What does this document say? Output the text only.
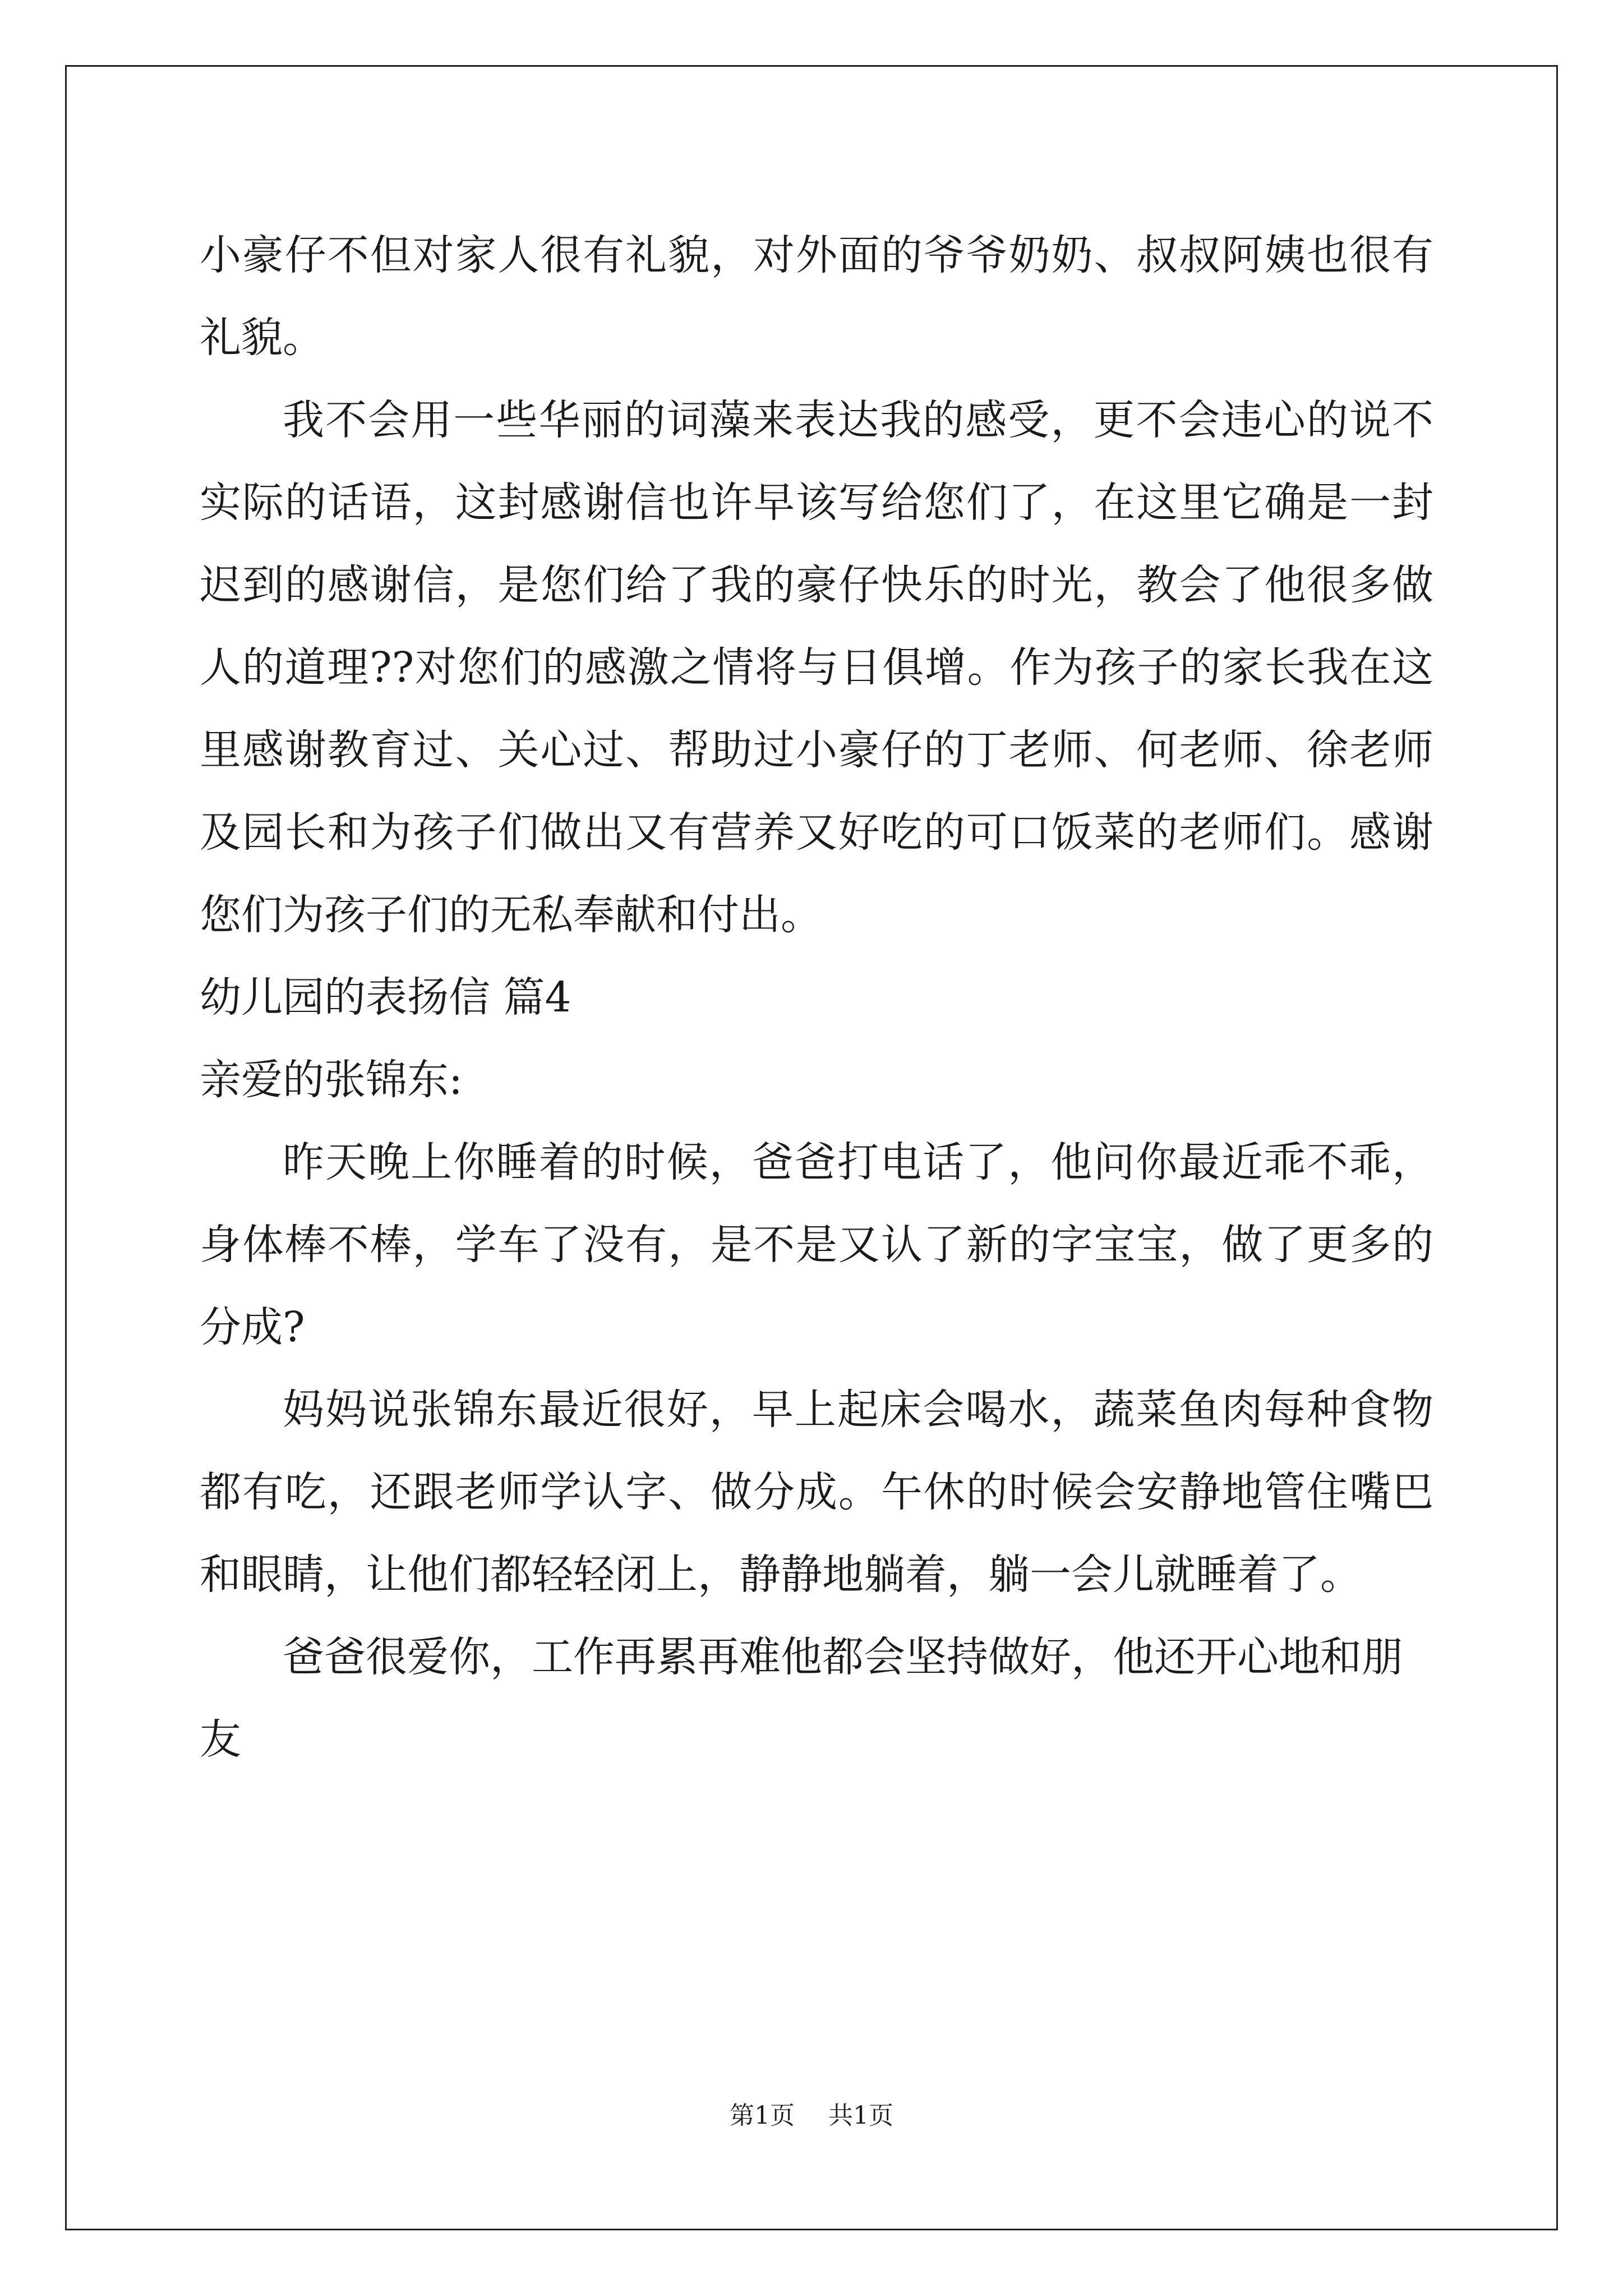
小豪仔不但对家人很有礼貌，对外面的爷爷奶奶、叔叔阿姨也很有礼貌。

我不会用一些华丽的词藻来表达我的感受，更不会违心的说不实际的话语，这封感谢信也许早该写给您们了，在这里它确是一封迟到的感谢信，是您们给了我的豪仔快乐的时光，教会了他很多做人的道理??对您们的感激之情将与日俱增。作为孩子的家长我在这里感谢教育过、关心过、帮助过小豪仔的丁老师、何老师、徐老师及园长和为孩子们做出又有营养又好吃的可口饭菜的老师们。感谢您们为孩子们的无私奉献和付出。

幼儿园的表扬信 篇4

亲爱的张锦东:

昨天晚上你睡着的时候，爸爸打电话了，他问你最近乖不乖，身体棒不棒，学车了没有，是不是又认了新的字宝宝，做了更多的分成?

妈妈说张锦东最近很好，早上起床会喝水，蔬菜鱼肉每种食物都有吃，还跟老师学认字、做分成。午休的时候会安静地管住嘴巴和眼睛，让他们都轻轻闭上，静静地躺着，躺一会儿就睡着了。

爸爸很爱你，工作再累再难他都会坚持做好，他还开心地和朋友

第1页 共1页
